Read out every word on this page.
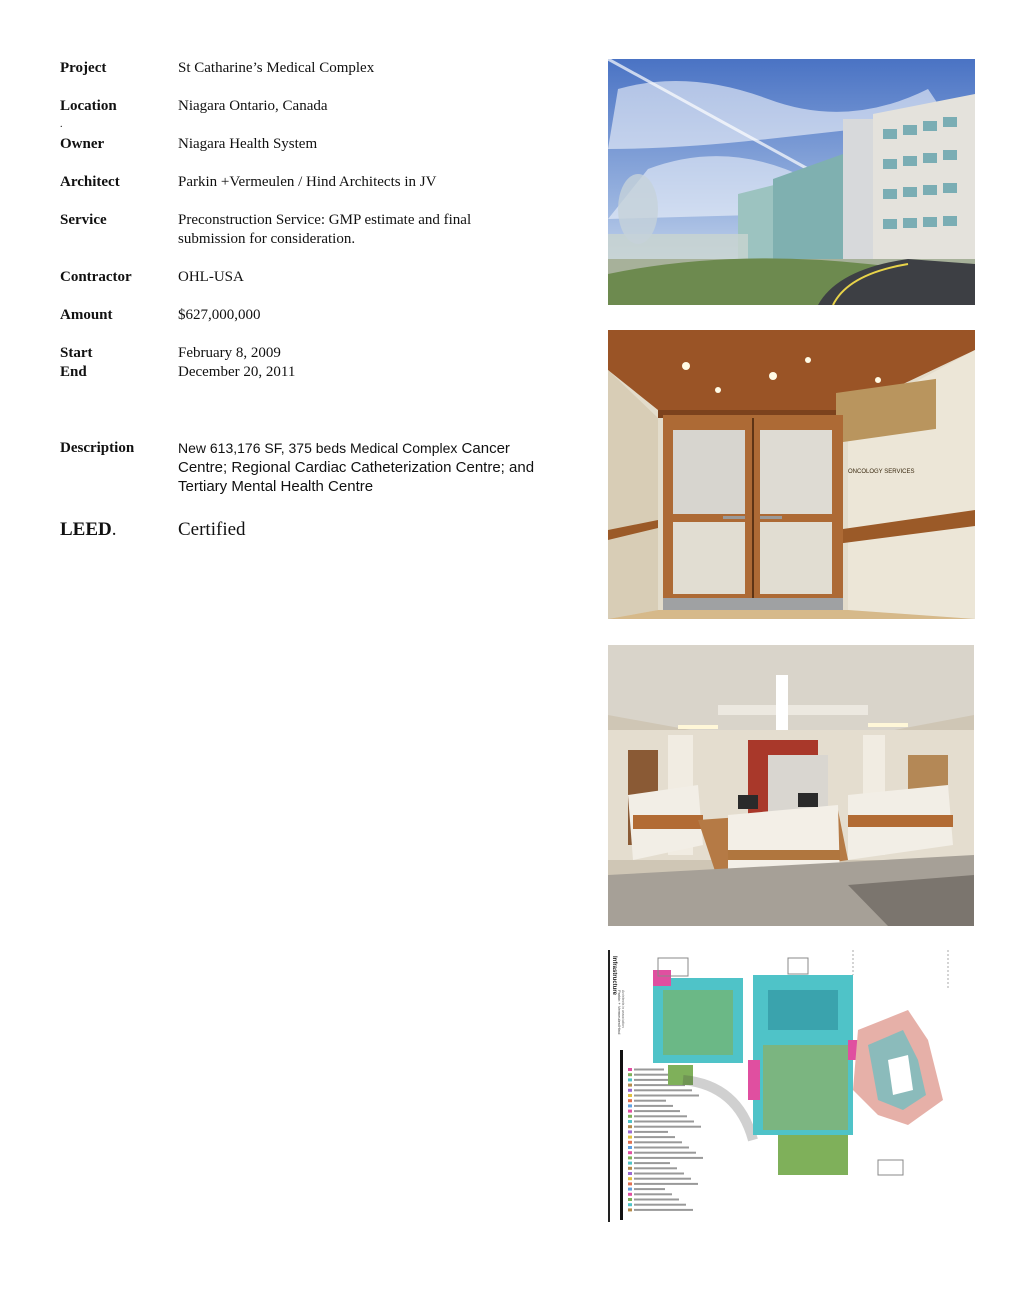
Project	St Catharine’s Medical Complex
Location	Niagara Ontario, Canada
.
Owner	Niagara Health System
Architect	Parkin +Vermeulen / Hind Architects in JV
Service	Preconstruction Service: GMP estimate and final submission for consideration.
Contractor	OHL-USA
Amount	$627,000,000
Start	February 8, 2009
End	December 20, 2011
Description	New 613,176 SF, 375 beds Medical Complex Cancer Centre; Regional Cardiac Catheterization Centre; and Tertiary Mental Health Centre
LEED.	Certified
ONCOLOGY SERVICES
Infrastructure
Parkin + Vermeulen/Hind Architects in association
